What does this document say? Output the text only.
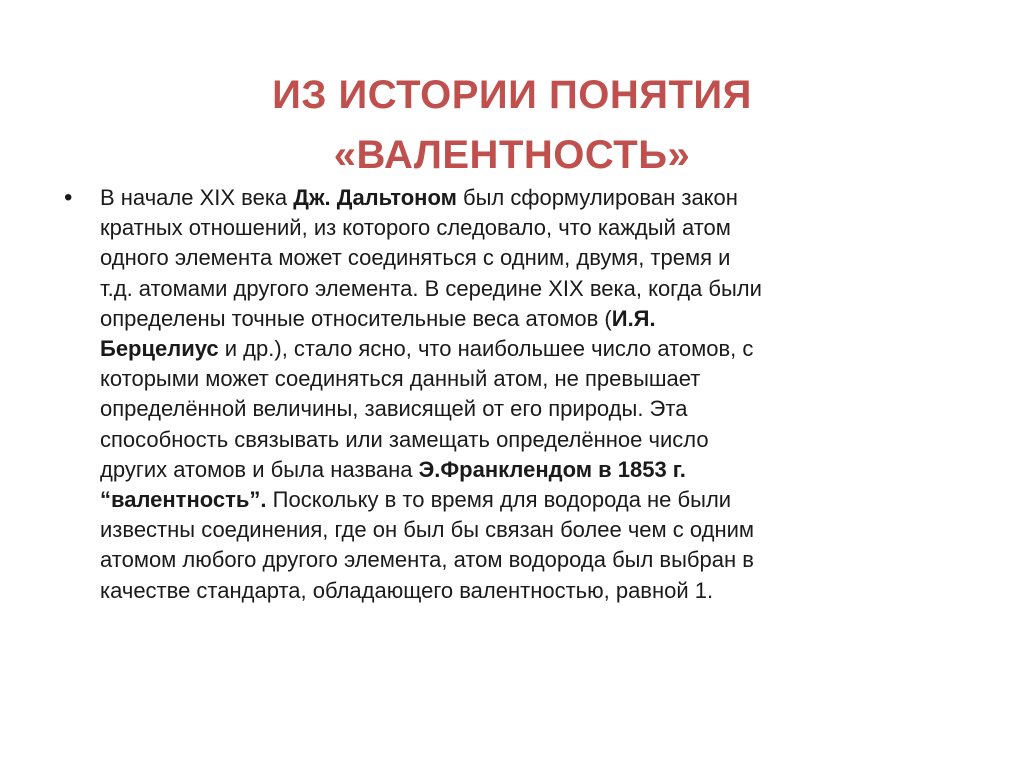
ИЗ ИСТОРИИ ПОНЯТИЯ
«ВАЛЕНТНОСТЬ»
•	В начале XIX века Дж. Дальтоном был сформулирован закон
кратных отношений, из которого следовало, что каждый атом
одного элемента может соединяться с одним, двумя, тремя и
т.д. атомами другого элемента. В середине XIX века, когда были
определены точные относительные веса атомов (И.Я.
Берцелиус и др.), стало ясно, что наибольшее число атомов, с
которыми может соединяться данный атом, не превышает
определённой величины, зависящей от его природы. Эта
способность связывать или замещать определённое число
других атомов и была названа Э.Франклендом в 1853 г.
“валентность”. Поскольку в то время для водорода не были
известны соединения, где он был бы связан более чем с одним
атомом любого другого элемента, атом водорода был выбран в
качестве стандарта, обладающего валентностью, равной 1.
